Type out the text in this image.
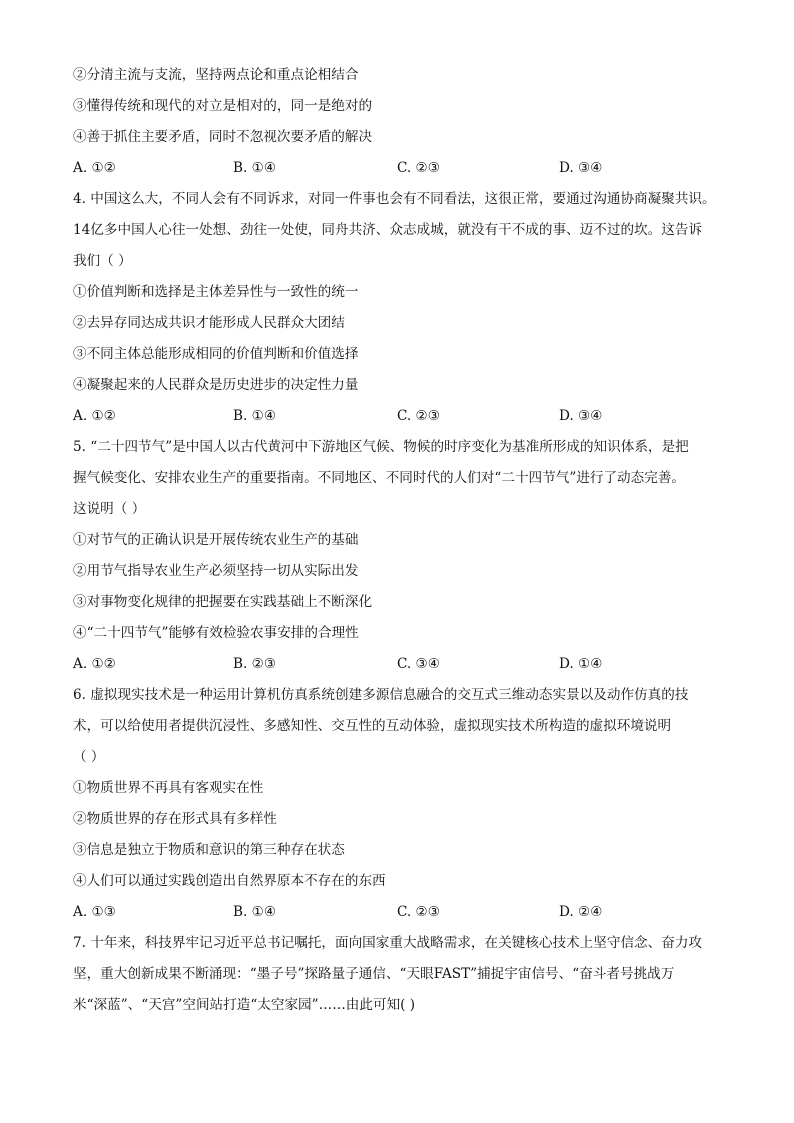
②分清主流与支流，坚持两点论和重点论相结合
③懂得传统和现代的对立是相对的，同一是绝对的
④善于抓住主要矛盾，同时不忽视次要矛盾的解决
A. ①②	B. ①④	C. ②③	D. ③④
4. 中国这么大，不同人会有不同诉求，对同一件事也会有不同看法，这很正常，要通过沟通协商凝聚共识。
14亿多中国人心往一处想、劲往一处使，同舟共济、众志成城，就没有干不成的事、迈不过的坎。这告诉
我们（ ）
①价值判断和选择是主体差异性与一致性的统一
②去异存同达成共识才能形成人民群众大团结
③不同主体总能形成相同的价值判断和价值选择
④凝聚起来的人民群众是历史进步的决定性力量
A. ①②	B. ①④	C. ②③	D. ③④
5. “二十四节气”是中国人以古代黄河中下游地区气候、物候的时序变化为基准所形成的知识体系，是把
握气候变化、安排农业生产的重要指南。不同地区、不同时代的人们对“二十四节气”进行了动态完善。
这说明（ ）
①对节气的正确认识是开展传统农业生产的基础
②用节气指导农业生产必须坚持一切从实际出发
③对事物变化规律的把握要在实践基础上不断深化
④“二十四节气”能够有效检验农事安排的合理性
A. ①②	B. ②③	C. ③④	D. ①④
6. 虚拟现实技术是一种运用计算机仿真系统创建多源信息融合的交互式三维动态实景以及动作仿真的技
术，可以给使用者提供沉浸性、多感知性、交互性的互动体验，虚拟现实技术所构造的虚拟环境说明
（ ）
①物质世界不再具有客观实在性
②物质世界的存在形式具有多样性
③信息是独立于物质和意识的第三种存在状态
④人们可以通过实践创造出自然界原本不存在的东西
A. ①③	B. ①④	C. ②③	D. ②④
7. 十年来，科技界牢记习近平总书记嘱托，面向国家重大战略需求，在关键核心技术上坚守信念、奋力攻
坚，重大创新成果不断涌现：“墨子号”探路量子通信、“天眼FAST”捕捉宇宙信号、“奋斗者号挑战万
米“深蓝”、“天宫”空间站打造“太空家园”……由此可知( )
